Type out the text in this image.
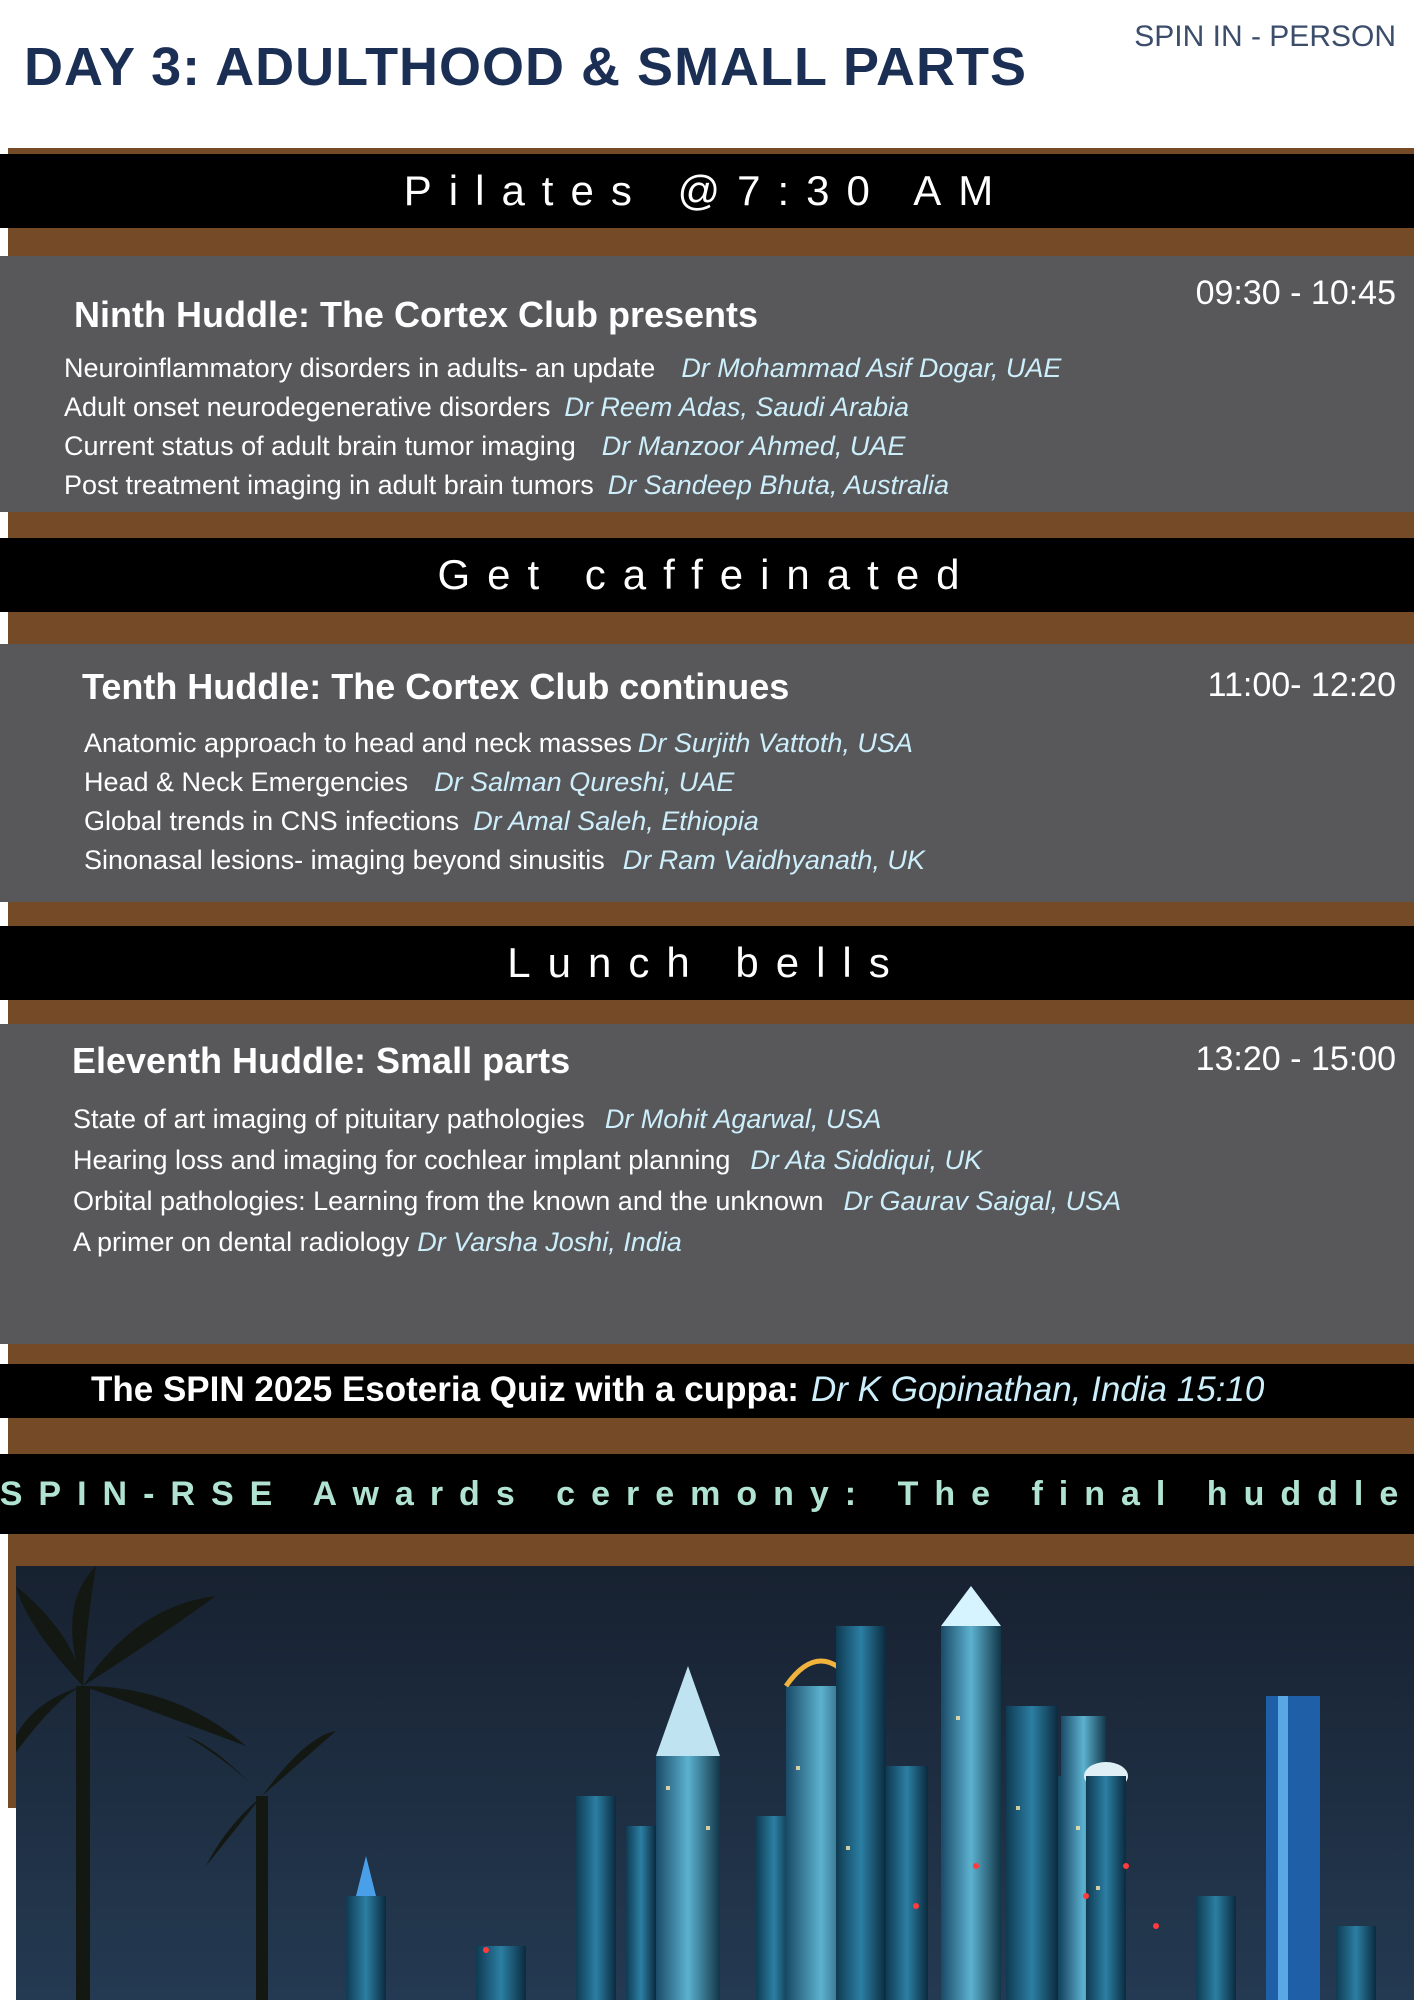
DAY 3: ADULTHOOD & SMALL PARTS
SPIN IN - PERSON
Pilates @7:30 AM
Ninth Huddle: The Cortex Club presents
09:30 - 10:45
Neuroinflammatory disorders in adults- an update Dr Mohammad Asif Dogar, UAE
Adult onset neurodegenerative disorders Dr Reem Adas, Saudi Arabia
Current status of adult brain tumor imaging Dr Manzoor Ahmed, UAE
Post treatment imaging in adult brain tumors Dr Sandeep Bhuta, Australia
Get caffeinated
Tenth Huddle: The Cortex Club continues	11:00- 12:20
Anatomic approach to head and neck masses Dr Surjith Vattoth, USA
Head & Neck Emergencies Dr Salman Qureshi, UAE
Global trends in CNS infections Dr Amal Saleh, Ethiopia
Sinonasal lesions- imaging beyond sinusitis Dr Ram Vaidhyanath, UK
Lunch bells
Eleventh Huddle: Small parts	13:20 - 15:00
State of art imaging of pituitary pathologies Dr Mohit Agarwal, USA
Hearing loss and imaging for cochlear implant planning Dr Ata Siddiqui, UK
Orbital pathologies: Learning from the known and the unknown Dr Gaurav Saigal, USA
A primer on dental radiology Dr Varsha Joshi, India
The SPIN 2025 Esoteria Quiz with a cuppa: Dr K Gopinathan, India 15:10
SPIN-RSE Awards ceremony: The final huddle
